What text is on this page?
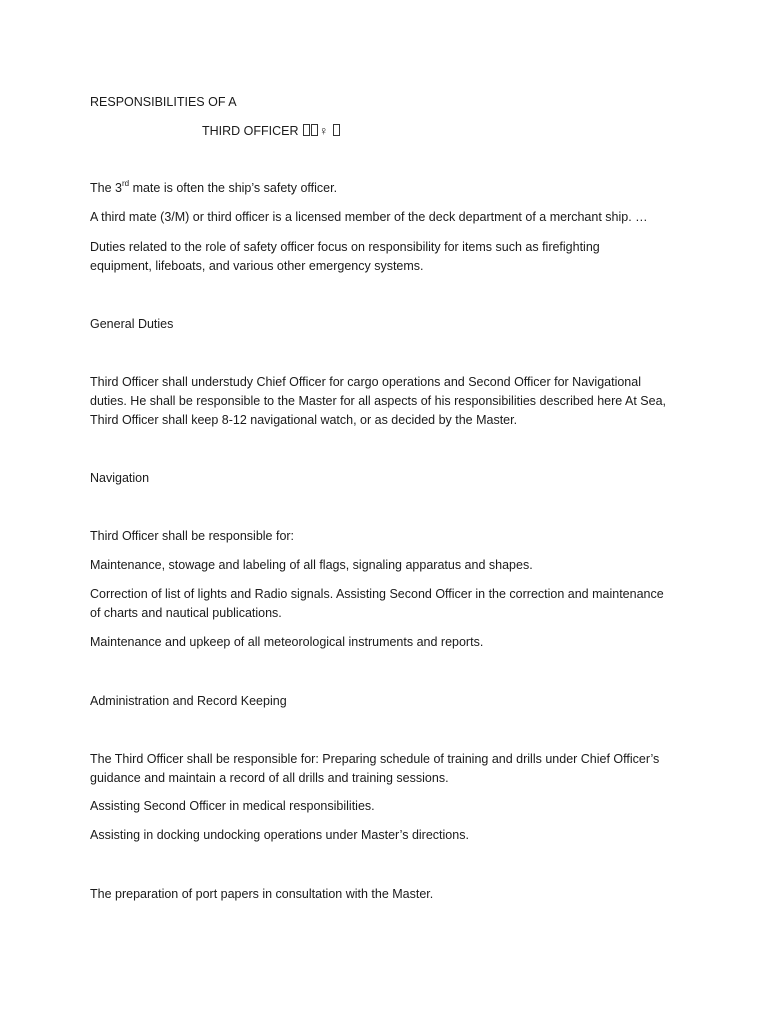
RESPONSIBILITIES OF A
THIRD OFFICER ♀
The 3rd mate is often the ship’s safety officer.
A third mate (3/M) or third officer is a licensed member of the deck department of a merchant ship. …
Duties related to the role of safety officer focus on responsibility for items such as firefighting
equipment, lifeboats, and various other emergency systems.
General Duties
Third Officer shall understudy Chief Officer for cargo operations and Second Officer for Navigational
duties. He shall be responsible to the Master for all aspects of his responsibilities described here At Sea,
Third Officer shall keep 8-12 navigational watch, or as decided by the Master.
Navigation
Third Officer shall be responsible for:
Maintenance, stowage and labeling of all flags, signaling apparatus and shapes.
Correction of list of lights and Radio signals. Assisting Second Officer in the correction and maintenance
of charts and nautical publications.
Maintenance and upkeep of all meteorological instruments and reports.
Administration and Record Keeping
The Third Officer shall be responsible for: Preparing schedule of training and drills under Chief Officer’s
guidance and maintain a record of all drills and training sessions.
Assisting Second Officer in medical responsibilities.
Assisting in docking undocking operations under Master’s directions.
The preparation of port papers in consultation with the Master.
